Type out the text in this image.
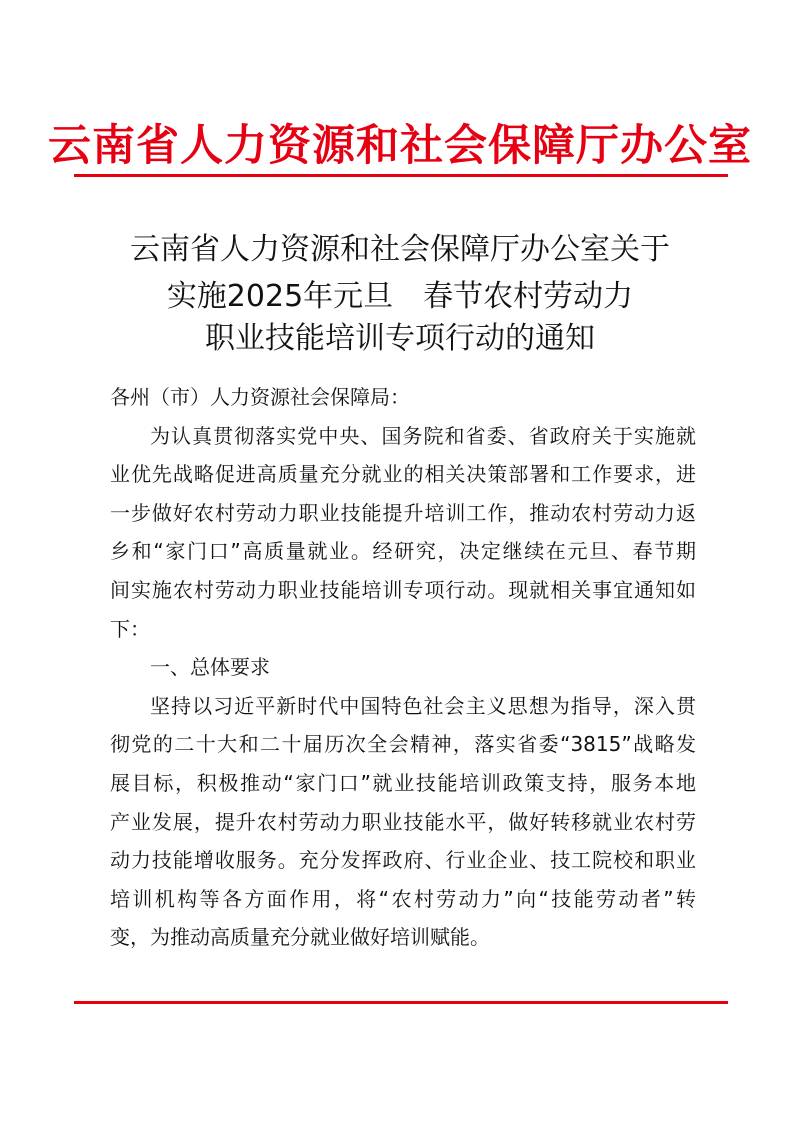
云南省人力资源和社会保障厅办公室
云南省人力资源和社会保障厅办公室关于
实施2025年元旦　春节农村劳动力
职业技能培训专项行动的通知

各州（市）人力资源社会保障局：

为认真贯彻落实党中央、国务院和省委、省政府关于实施就
业优先战略促进高质量充分就业的相关决策部署和工作要求，进
一步做好农村劳动力职业技能提升培训工作，推动农村劳动力返
乡和“家门口”高质量就业。经研究，决定继续在元旦、春节期
间实施农村劳动力职业技能培训专项行动。现就相关事宜通知如
下：

一、总体要求

坚持以习近平新时代中国特色社会主义思想为指导，深入贯
彻党的二十大和二十届历次全会精神，落实省委“3815”战略发
展目标，积极推动“家门口”就业技能培训政策支持，服务本地
产业发展，提升农村劳动力职业技能水平，做好转移就业农村劳
动力技能增收服务。充分发挥政府、行业企业、技工院校和职业
培训机构等各方面作用，将“农村劳动力”向“技能劳动者”转
变，为推动高质量充分就业做好培训赋能。
